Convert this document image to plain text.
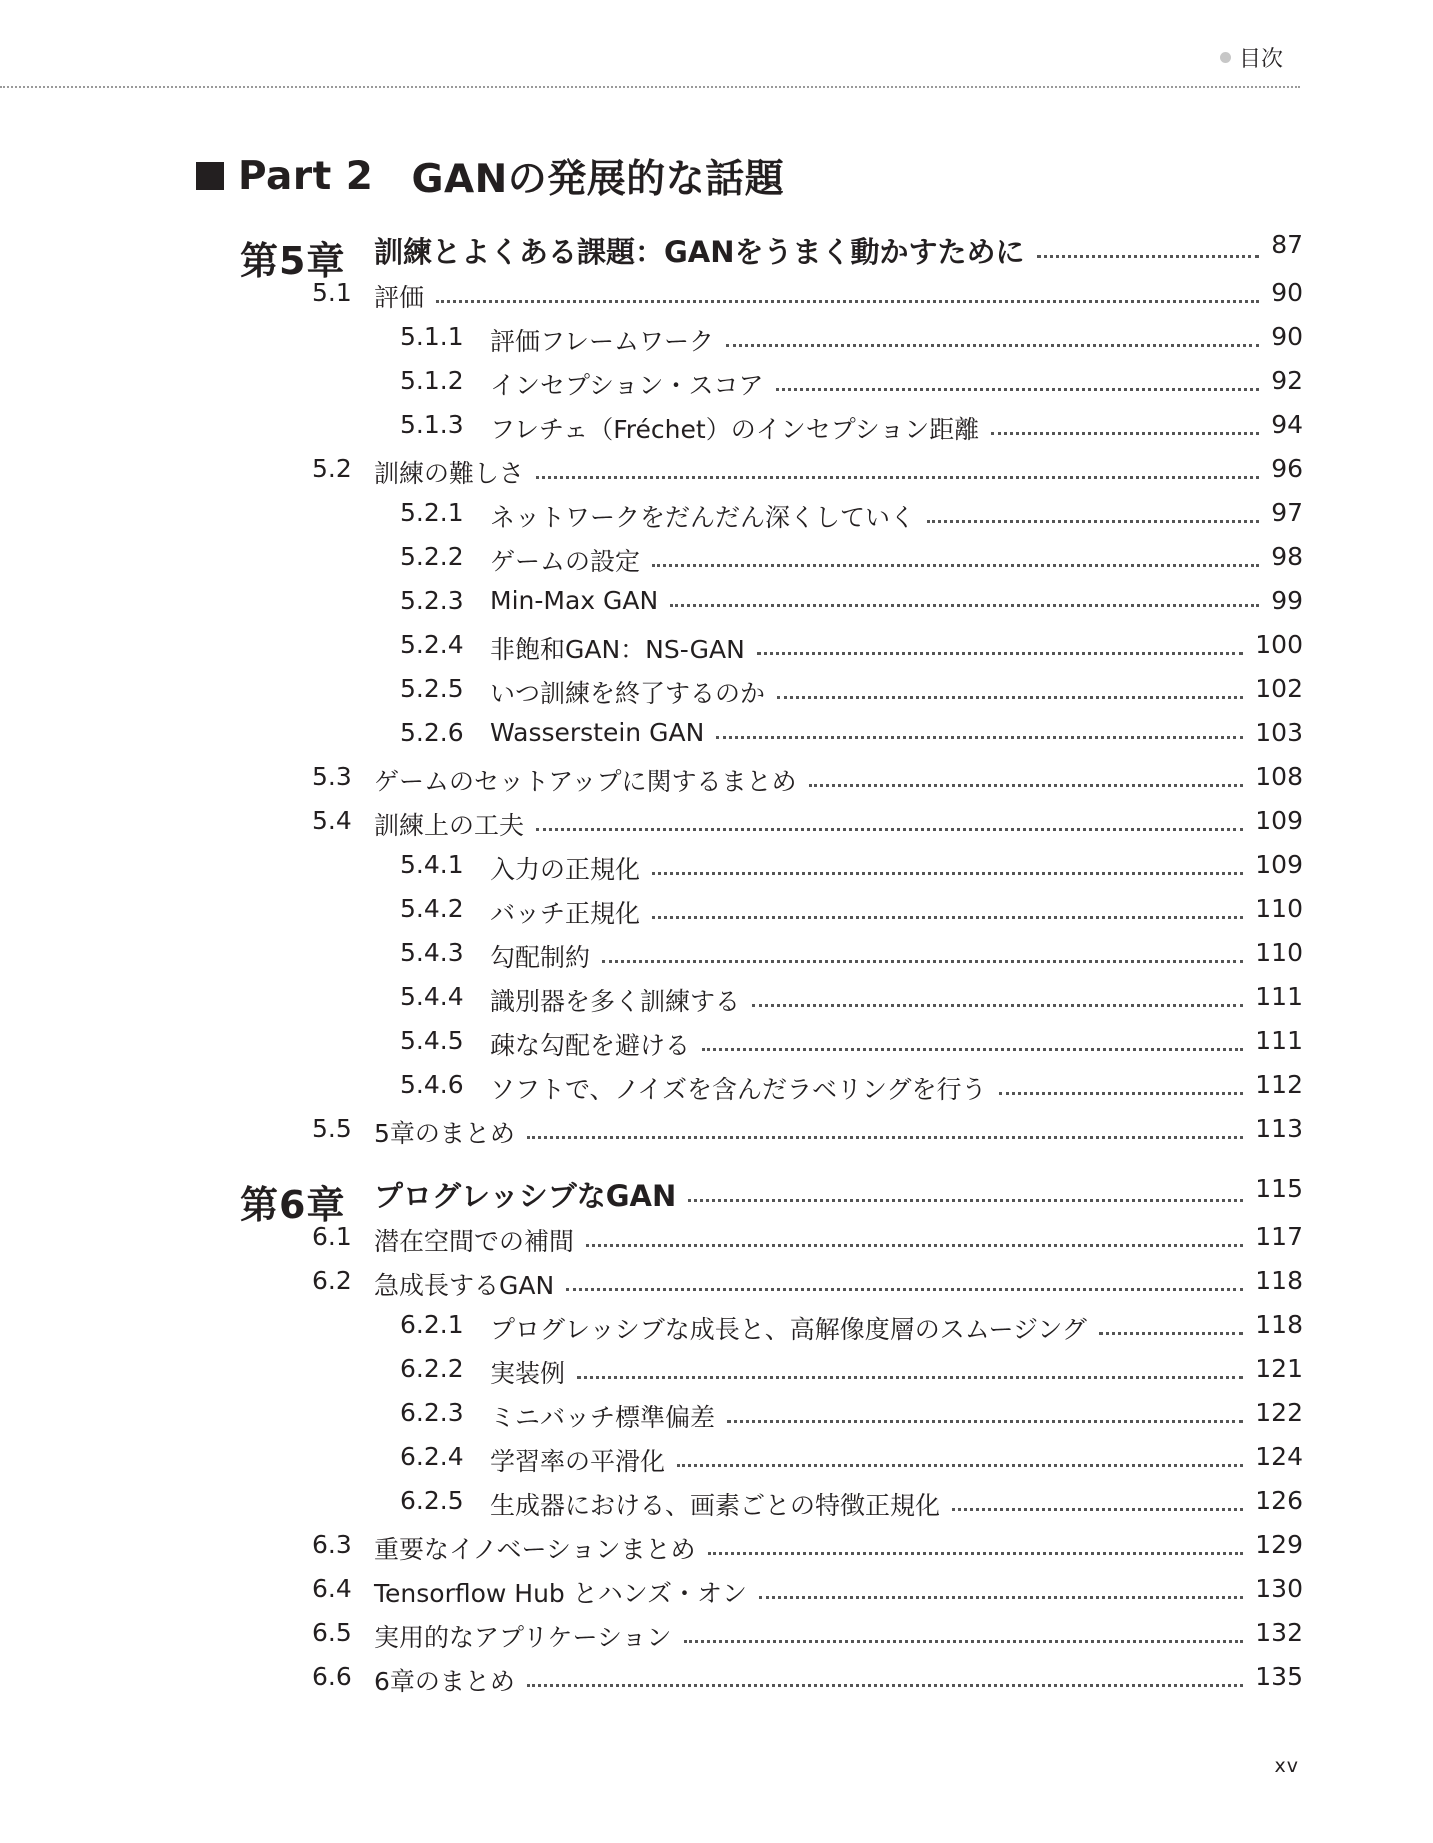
目次
Part 2 GANの発展的な話題
第5章 訓練とよくある課題：GANをうまく動かすために	87
5.1 評価	90
5.1.1 評価フレームワーク	90
5.1.2 インセプション・スコア	92
5.1.3 フレチェ（Fréchet）のインセプション距離	94
5.2 訓練の難しさ	96
5.2.1 ネットワークをだんだん深くしていく	97
5.2.2 ゲームの設定	98
5.2.3 Min-Max GAN	99
5.2.4 非飽和GAN：NS-GAN	100
5.2.5 いつ訓練を終了するのか	102
5.2.6 Wasserstein GAN	103
5.3 ゲームのセットアップに関するまとめ	108
5.4 訓練上の工夫	109
5.4.1 入力の正規化	109
5.4.2 バッチ正規化	110
5.4.3 勾配制約	110
5.4.4 識別器を多く訓練する	111
5.4.5 疎な勾配を避ける	111
5.4.6 ソフトで、ノイズを含んだラベリングを行う	112
5.5 5章のまとめ	113
第6章 プログレッシブなGAN	115
6.1 潜在空間での補間	117
6.2 急成長するGAN	118
6.2.1 プログレッシブな成長と、高解像度層のスムージング	118
6.2.2 実装例	121
6.2.3 ミニバッチ標準偏差	122
6.2.4 学習率の平滑化	124
6.2.5 生成器における、画素ごとの特徴正規化	126
6.3 重要なイノベーションまとめ	129
6.4 Tensorflow Hub とハンズ・オン	130
6.5 実用的なアプリケーション	132
6.6 6章のまとめ	135
xv
